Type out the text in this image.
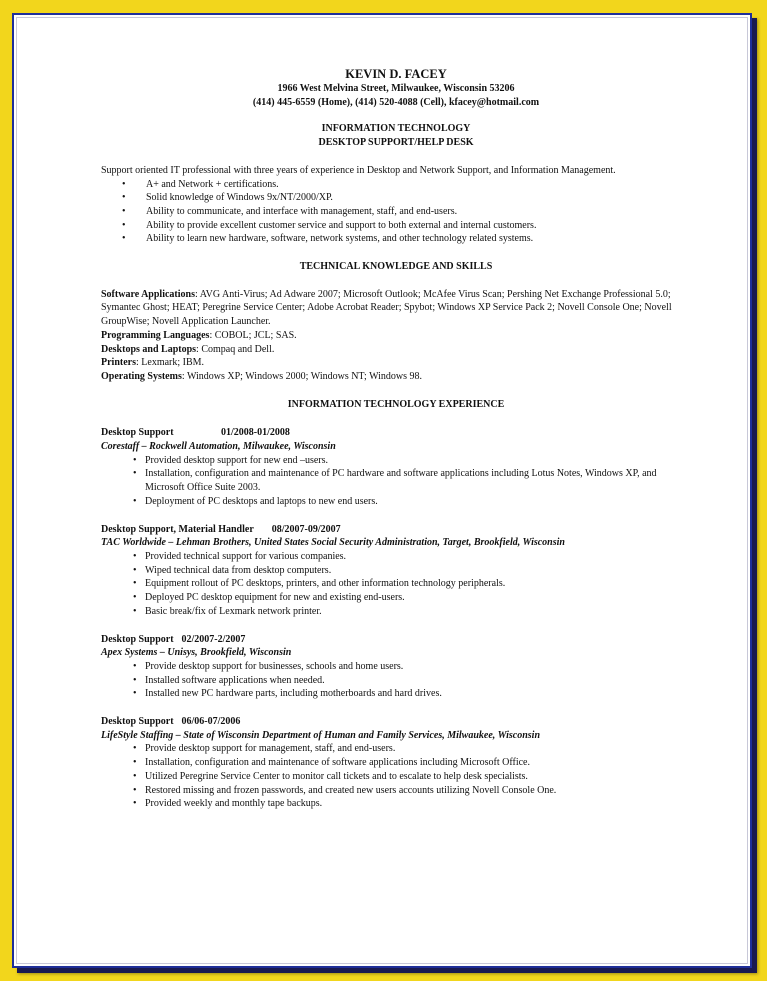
KEVIN D. FACEY

1966 West Melvina Street, Milwaukee, Wisconsin 53206

(414) 445-6559 (Home), (414) 520-4088 (Cell), kfacey@hotmail.com

INFORMATION TECHNOLOGY

DESKTOP SUPPORT/HELP DESK

Support oriented IT professional with three years of experience in Desktop and Network Support, and Information Management.

• A+ and Network + certifications.
• Solid knowledge of Windows 9x/NT/2000/XP.
• Ability to communicate, and interface with management, staff, and end-users.
• Ability to provide excellent customer service and support to both external and internal customers.
• Ability to learn new hardware, software, network systems, and other technology related systems.

TECHNICAL KNOWLEDGE AND SKILLS

Software Applications: AVG Anti-Virus; Ad Adware 2007; Microsoft Outlook; McAfee Virus Scan; Pershing Net Exchange Professional 5.0; Symantec Ghost; HEAT; Peregrine Service Center; Adobe Acrobat Reader; Spybot; Windows XP Service Pack 2; Novell Console One; Novell GroupWise; Novell Application Launcher.

Programming Languages: COBOL; JCL; SAS.

Desktops and Laptops: Compaq and Dell.

Printers: Lexmark; IBM.

Operating Systems: Windows XP; Windows 2000; Windows NT; Windows 98.

INFORMATION TECHNOLOGY EXPERIENCE

Desktop Support	01/2008-01/2008

Corestaff – Rockwell Automation, Milwaukee, Wisconsin

• Provided desktop support for new end –users.
• Installation, configuration and maintenance of PC hardware and software applications including Lotus Notes, Windows XP, and Microsoft Office Suite 2003.
• Deployment of PC desktops and laptops to new end users.

Desktop Support, Material Handler 08/2007-09/2007

TAC Worldwide – Lehman Brothers, United States Social Security Administration, Target, Brookfield, Wisconsin

• Provided technical support for various companies.
• Wiped technical data from desktop computers.
• Equipment rollout of PC desktops, printers, and other information technology peripherals.
• Deployed PC desktop equipment for new and existing end-users.
• Basic break/fix of Lexmark network printer.

Desktop Support 02/2007-2/2007

Apex Systems – Unisys, Brookfield, Wisconsin

• Provide desktop support for businesses, schools and home users.
• Installed software applications when needed.
• Installed new PC hardware parts, including motherboards and hard drives.

Desktop Support 06/06-07/2006

LifeStyle Staffing – State of Wisconsin Department of Human and Family Services, Milwaukee, Wisconsin

• Provide desktop support for management, staff, and end-users.
• Installation, configuration and maintenance of software applications including Microsoft Office.
• Utilized Peregrine Service Center to monitor call tickets and to escalate to help desk specialists.
• Restored missing and frozen passwords, and created new users accounts utilizing Novell Console One.
• Provided weekly and monthly tape backups.
